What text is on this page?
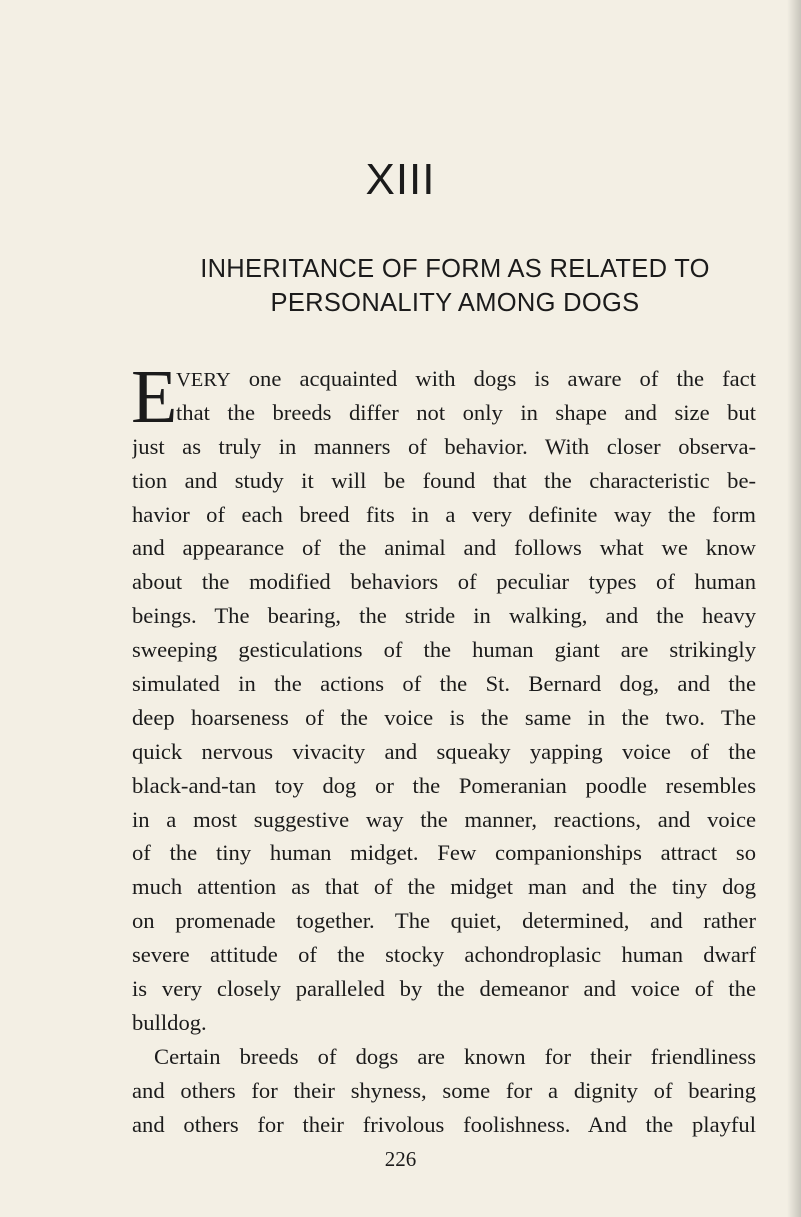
XIII
INHERITANCE OF FORM AS RELATED TO
PERSONALITY AMONG DOGS
E
VERY one acquainted with dogs is aware of the fact
that the breeds differ not only in shape and size but
just as truly in manners of behavior. With closer observa-
tion and study it will be found that the characteristic be-
havior of each breed fits in a very definite way the form
and appearance of the animal and follows what we know
about the modified behaviors of peculiar types of human
beings. The bearing, the stride in walking, and the heavy
sweeping gesticulations of the human giant are strikingly
simulated in the actions of the St. Bernard dog, and the
deep hoarseness of the voice is the same in the two. The
quick nervous vivacity and squeaky yapping voice of the
black-and-tan toy dog or the Pomeranian poodle resembles
in a most suggestive way the manner, reactions, and voice
of the tiny human midget. Few companionships attract so
much attention as that of the midget man and the tiny dog
on promenade together. The quiet, determined, and rather
severe attitude of the stocky achondroplasic human dwarf
is very closely paralleled by the demeanor and voice of the
bulldog.
Certain breeds of dogs are known for their friendliness
and others for their shyness, some for a dignity of bearing
and others for their frivolous foolishness. And the playful
226
